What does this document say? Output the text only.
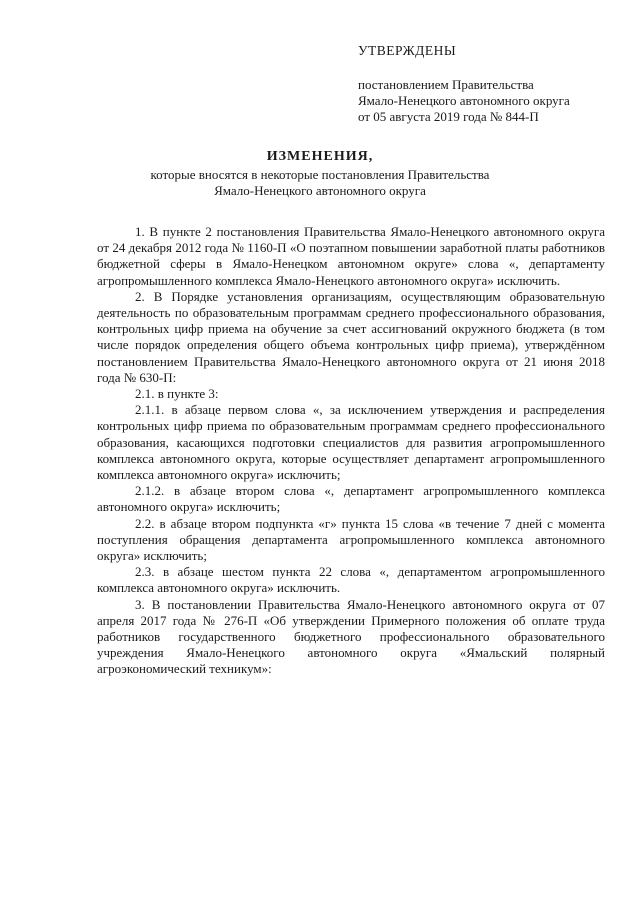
УТВЕРЖДЕНЫ
постановлением Правительства
Ямало-Ненецкого автономного округа
от 05 августа 2019 года № 844-П
ИЗМЕНЕНИЯ,
которые вносятся в некоторые постановления Правительства
Ямало-Ненецкого автономного округа

1. В пункте 2 постановления Правительства Ямало-Ненецкого автономного округа от 24 декабря 2012 года № 1160-П «О поэтапном повышении заработной платы работников бюджетной сферы в Ямало-Ненецком автономном округе» слова «, департаменту агропромышленного комплекса Ямало-Ненецкого автономного округа» исключить.

2. В Порядке установления организациям, осуществляющим образовательную деятельность по образовательным программам среднего профессионального образования, контрольных цифр приема на обучение за счет ассигнований окружного бюджета (в том числе порядок определения общего объема контрольных цифр приема), утверждённом постановлением Правительства Ямало-Ненецкого автономного округа от 21 июня 2018 года № 630-П:

2.1. в пункте 3:

2.1.1. в абзаце первом слова «, за исключением утверждения и распределения контрольных цифр приема по образовательным программам среднего профессионального образования, касающихся подготовки специалистов для развития агропромышленного комплекса автономного округа, которые осуществляет департамент агропромышленного комплекса автономного округа» исключить;

2.1.2. в абзаце втором слова «, департамент агропромышленного комплекса автономного округа» исключить;

2.2. в абзаце втором подпункта «г» пункта 15 слова «в течение 7 дней с момента поступления обращения департамента агропромышленного комплекса автономного округа» исключить;

2.3. в абзаце шестом пункта 22 слова «, департаментом агропромышленного комплекса автономного округа» исключить.

3. В постановлении Правительства Ямало-Ненецкого автономного округа от 07 апреля 2017 года № 276-П «Об утверждении Примерного положения об оплате труда работников государственного бюджетного профессионального образовательного учреждения Ямало-Ненецкого автономного округа «Ямальский полярный агроэкономический техникум»:
